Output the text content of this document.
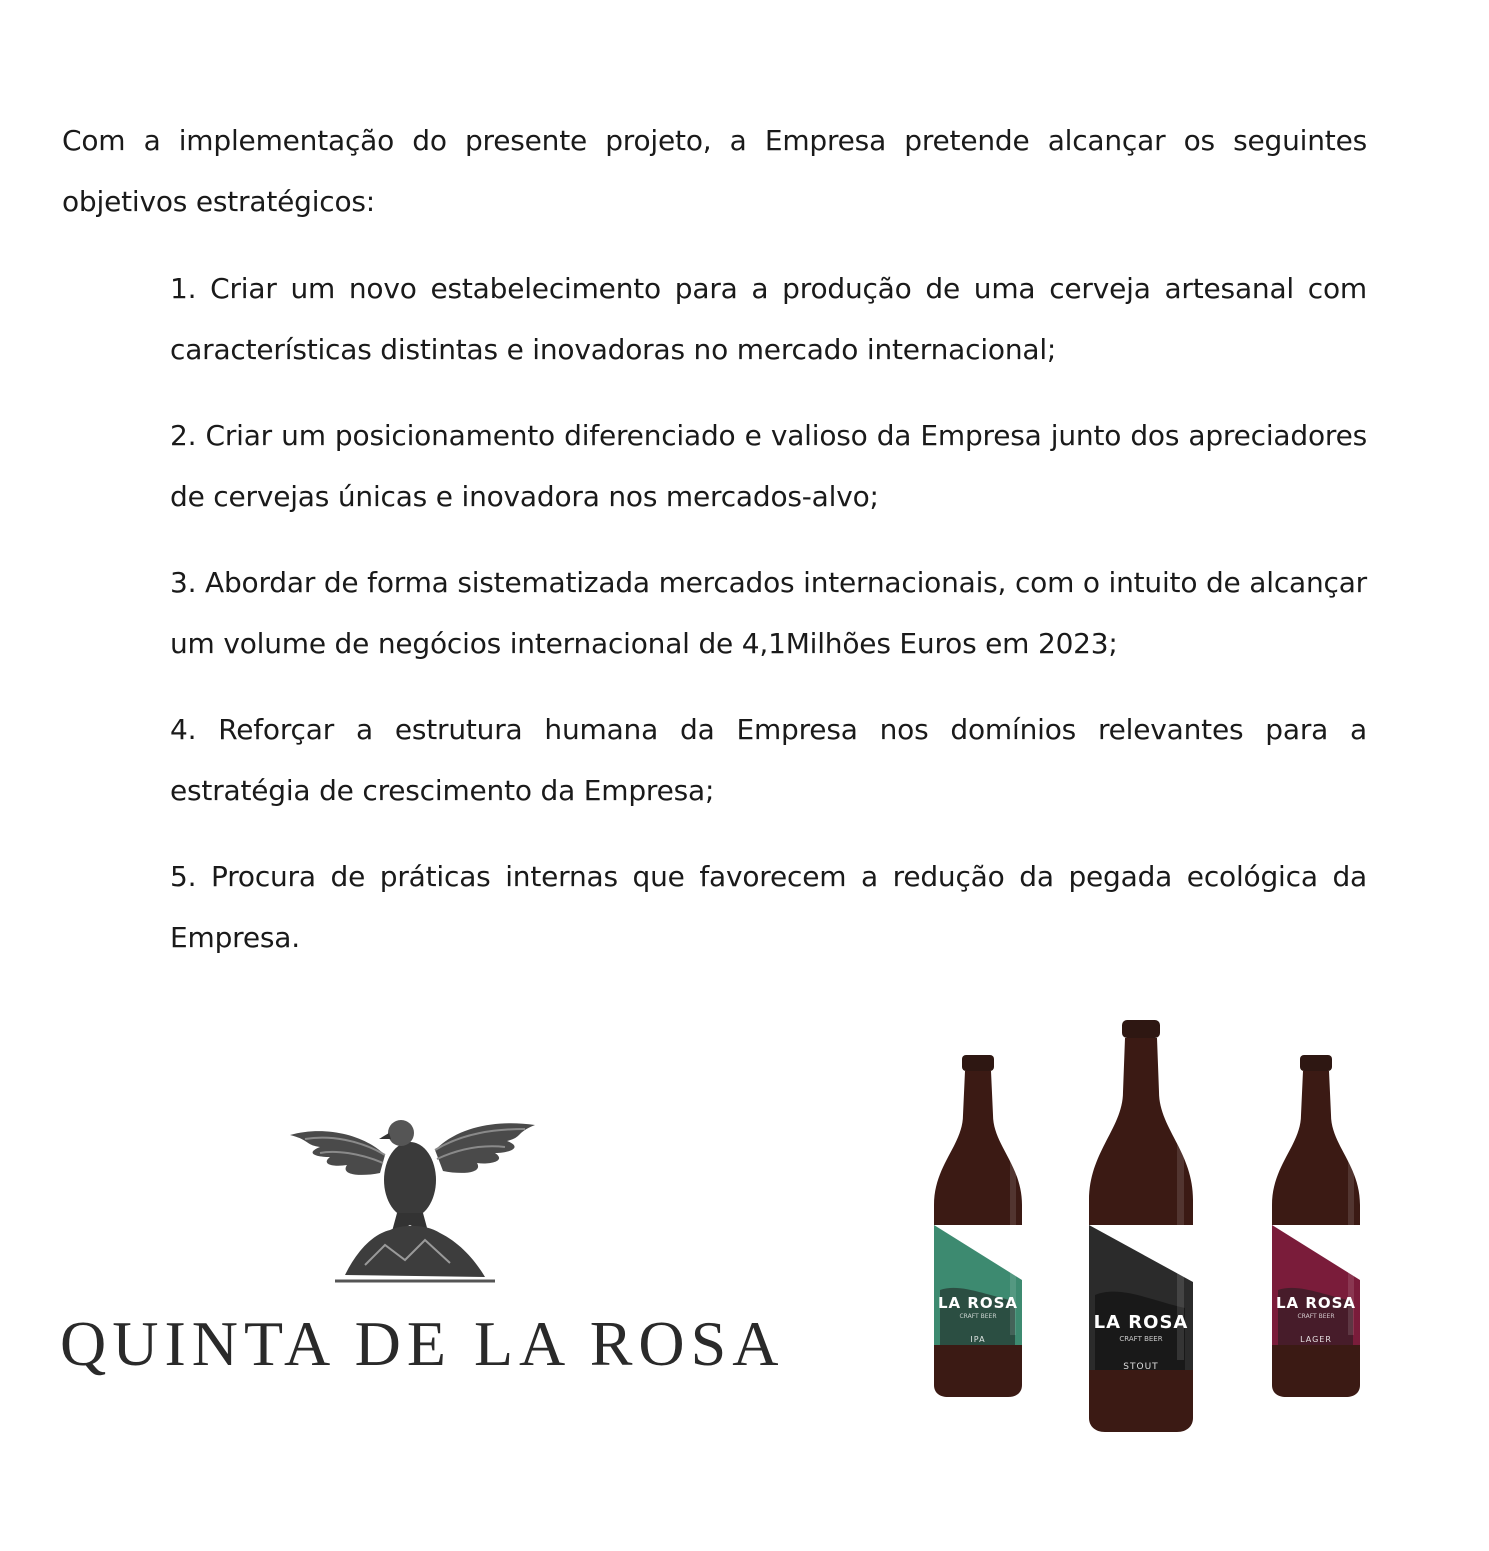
Com a implementação do presente projeto, a Empresa pretende alcançar os seguintes objetivos estratégicos:

1. Criar um novo estabelecimento para a produção de uma cerveja artesanal com características distintas e inovadoras no mercado internacional;
2. Criar um posicionamento diferenciado e valioso da Empresa junto dos apreciadores de cervejas únicas e inovadora nos mercados-alvo;
3. Abordar de forma sistematizada mercados internacionais, com o intuito de alcançar um volume de negócios internacional de 4,1Milhões Euros em 2023;
4. Reforçar a estrutura humana da Empresa nos domínios relevantes para a estratégia de crescimento da Empresa;
5. Procura de práticas internas que favorecem a redução da pegada ecológica da Empresa.
QUINTA DE LA ROSA
LA ROSA
CRAFT BEER
IPA
LA ROSA
CRAFT BEER
STOUT
LA ROSA
CRAFT BEER
LAGER
